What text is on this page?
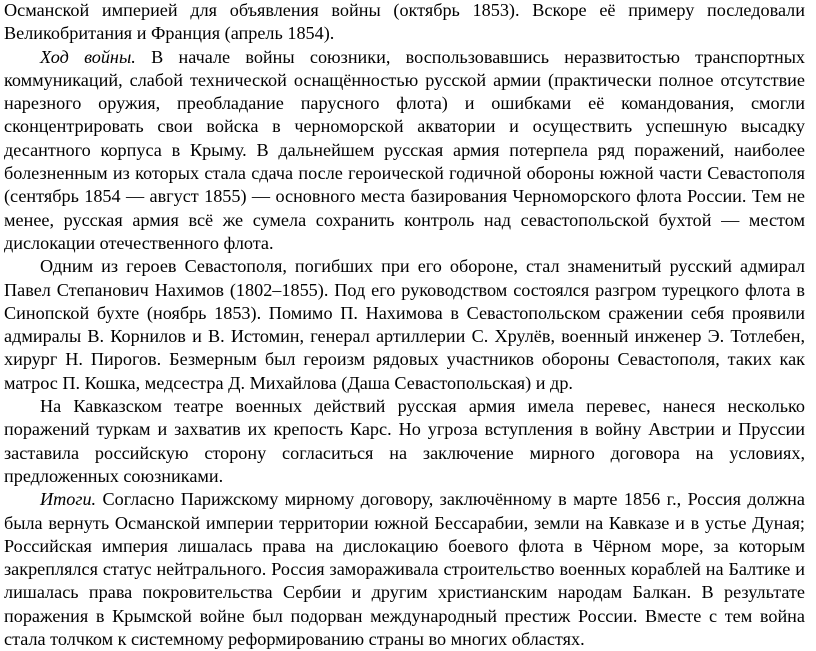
Османской империей для объявления войны (октябрь 1853). Вскоре её примеру последовали Великобритания и Франция (апрель 1854).

Ход войны. В начале войны союзники, воспользовавшись неразвитостью транспортных коммуникаций, слабой технической оснащённостью русской армии (практически полное отсутствие нарезного оружия, преобладание парусного флота) и ошибками её командования, смогли сконцентрировать свои войска в черноморской акватории и осуществить успешную высадку десантного корпуса в Крыму. В дальнейшем русская армия потерпела ряд поражений, наиболее болезненным из которых стала сдача после героической годичной обороны южной части Севастополя (сентябрь 1854 — август 1855) — основного места базирования Черноморского флота России. Тем не менее, русская армия всё же сумела сохранить контроль над севастопольской бухтой — местом дислокации отечественного флота.

Одним из героев Севастополя, погибших при его обороне, стал знаменитый русский адмирал Павел Степанович Нахимов (1802–1855). Под его руководством состоялся разгром турецкого флота в Синопской бухте (ноябрь 1853). Помимо П. Нахимова в Севастопольском сражении себя проявили адмиралы В. Корнилов и В. Истомин, генерал артиллерии С. Хрулёв, военный инженер Э. Тотлебен, хирург Н. Пирогов. Безмерным был героизм рядовых участников обороны Севастополя, таких как матрос П. Кошка, медсестра Д. Михайлова (Даша Севастопольская) и др.

На Кавказском театре военных действий русская армия имела перевес, нанеся несколько поражений туркам и захватив их крепость Карс. Но угроза вступления в войну Австрии и Пруссии заставила российскую сторону согласиться на заключение мирного договора на условиях, предложенных союзниками.

Итоги. Согласно Парижскому мирному договору, заключённому в марте 1856 г., Россия должна была вернуть Османской империи территории южной Бессарабии, земли на Кавказе и в устье Дуная; Российская империя лишалась права на дислокацию боевого флота в Чёрном море, за которым закреплялся статус нейтрального. Россия замораживала строительство военных кораблей на Балтике и лишалась права покровительства Сербии и другим христианским народам Балкан. В результате поражения в Крымской войне был подорван международный престиж России. Вместе с тем война стала толчком к системному реформированию страны во многих областях.
